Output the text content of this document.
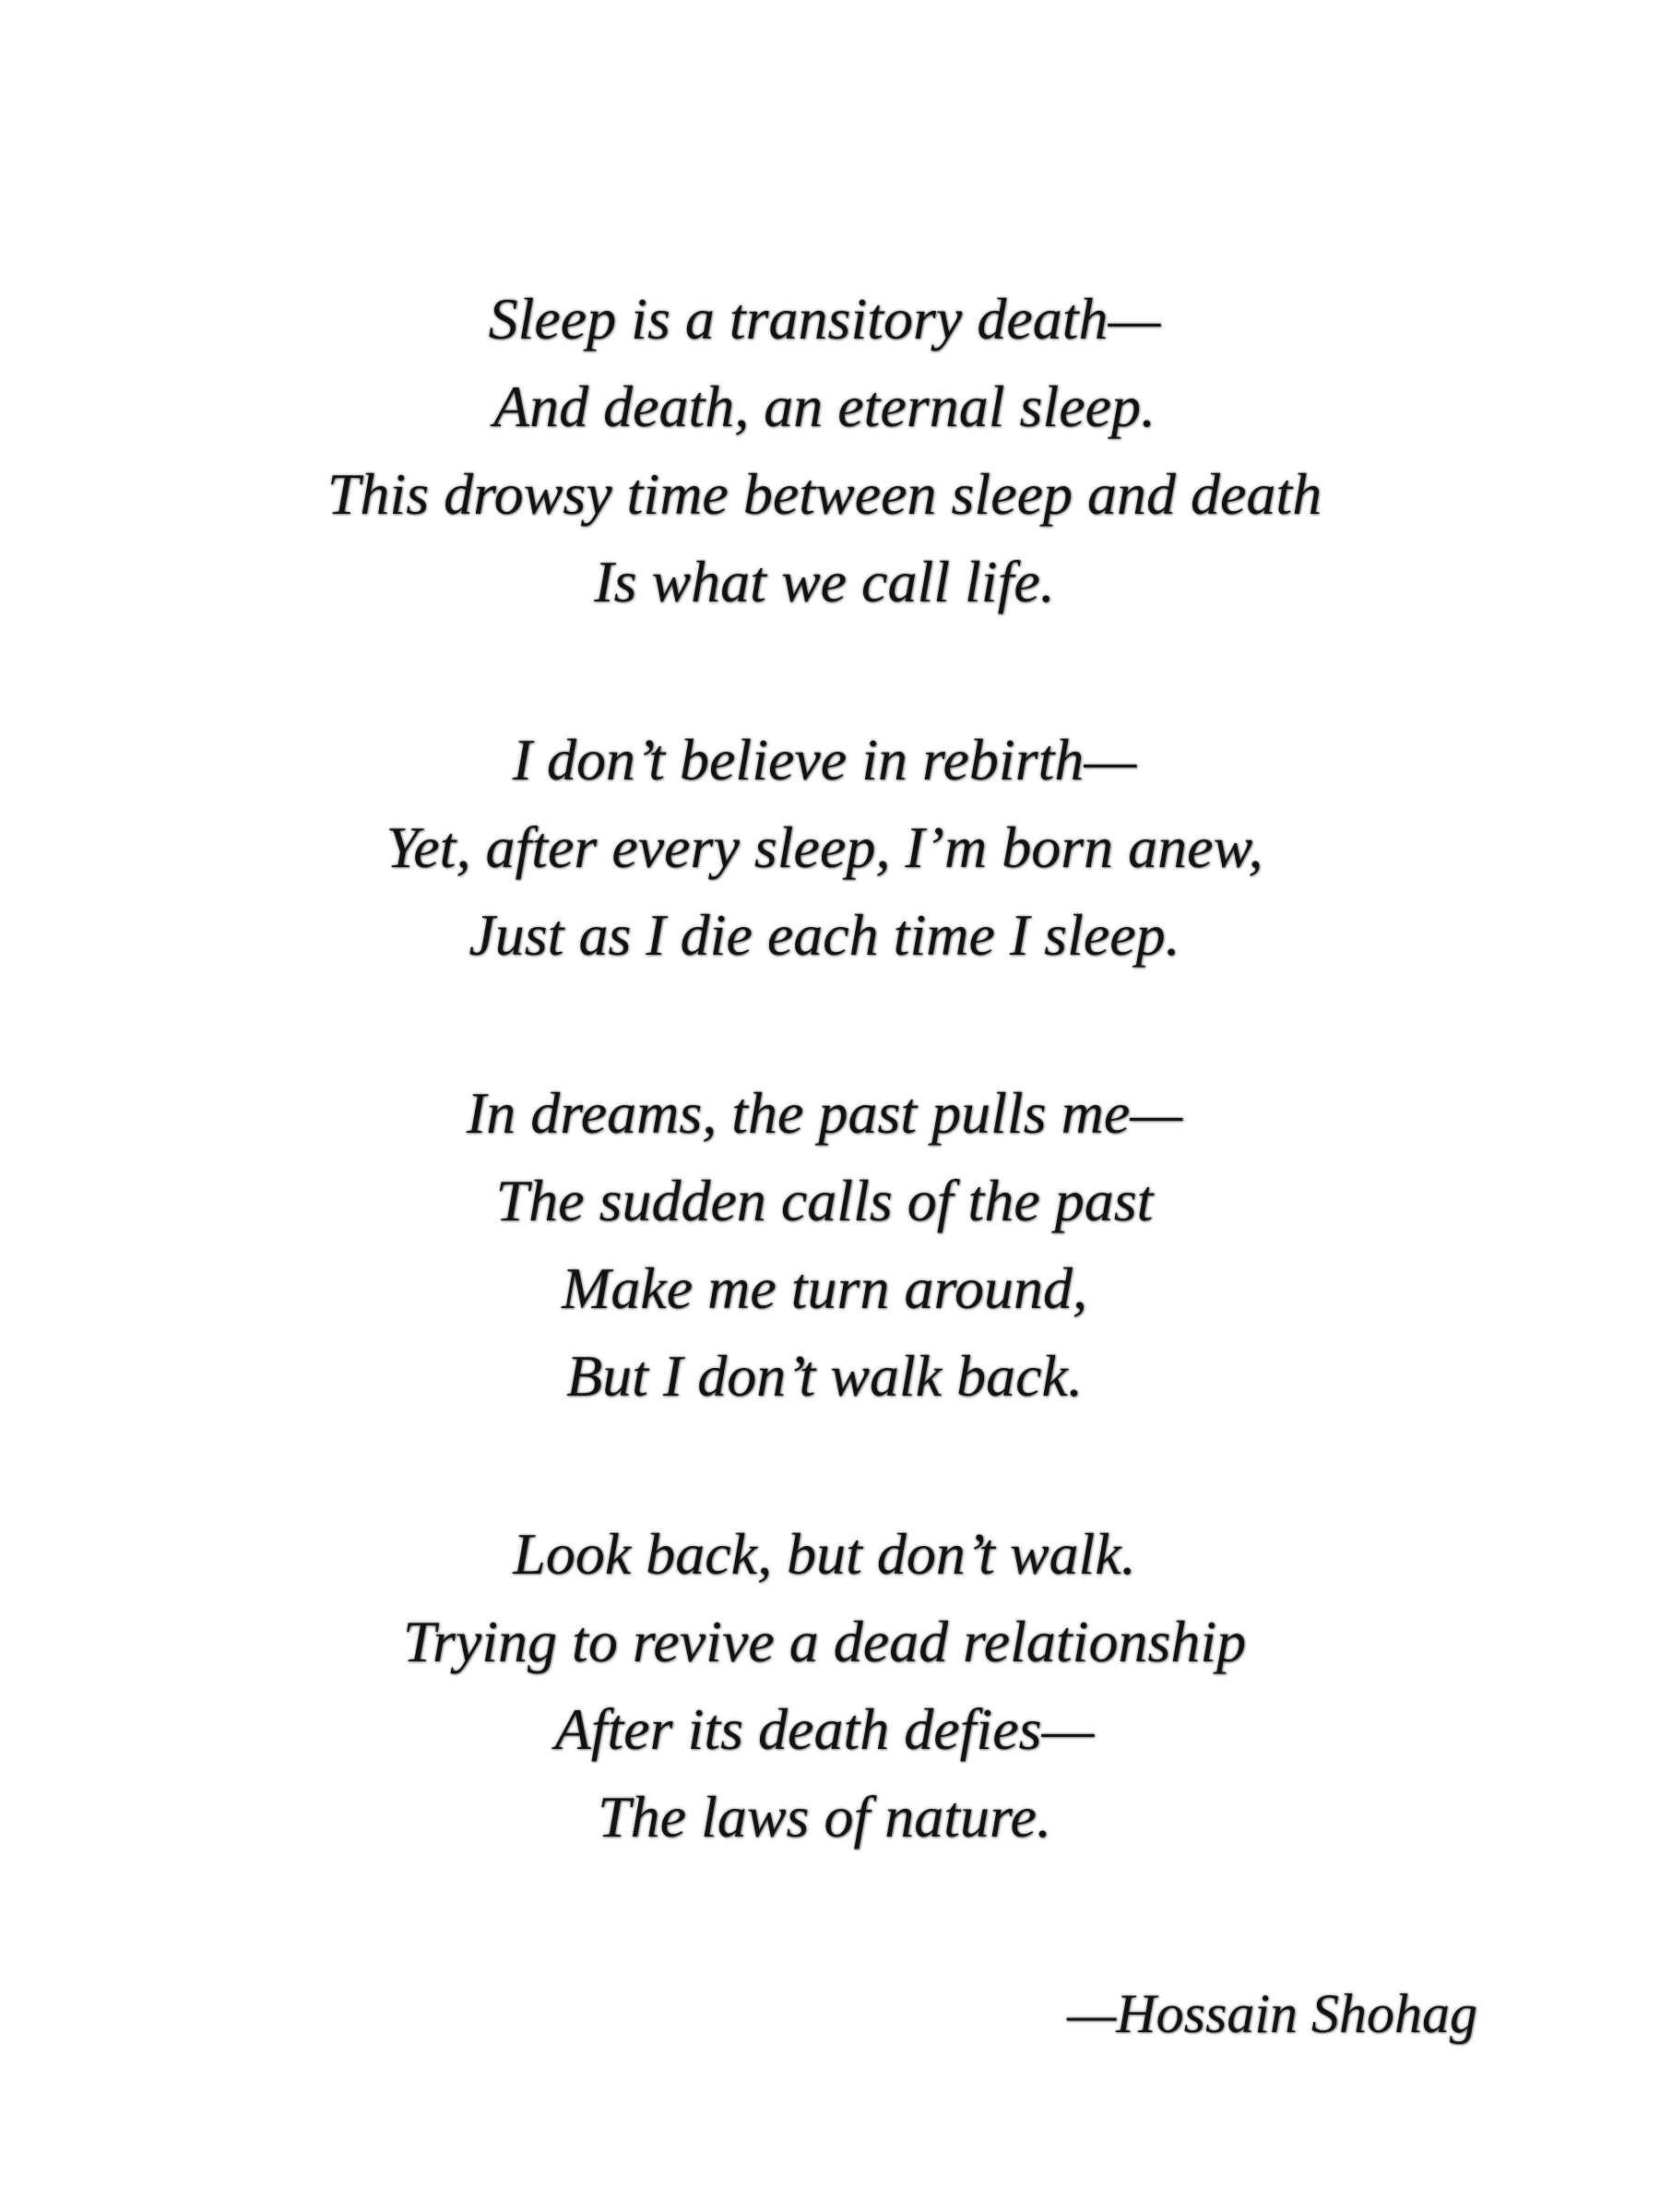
Sleep is a transitory death—
And death, an eternal sleep.
This drowsy time between sleep and death
Is what we call life.
I don’t believe in rebirth—
Yet, after every sleep, I’m born anew,
Just as I die each time I sleep.
In dreams, the past pulls me—
The sudden calls of the past
Make me turn around,
But I don’t walk back.
Look back, but don’t walk.
Trying to revive a dead relationship
After its death defies—
The laws of nature.
—Hossain Shohag
